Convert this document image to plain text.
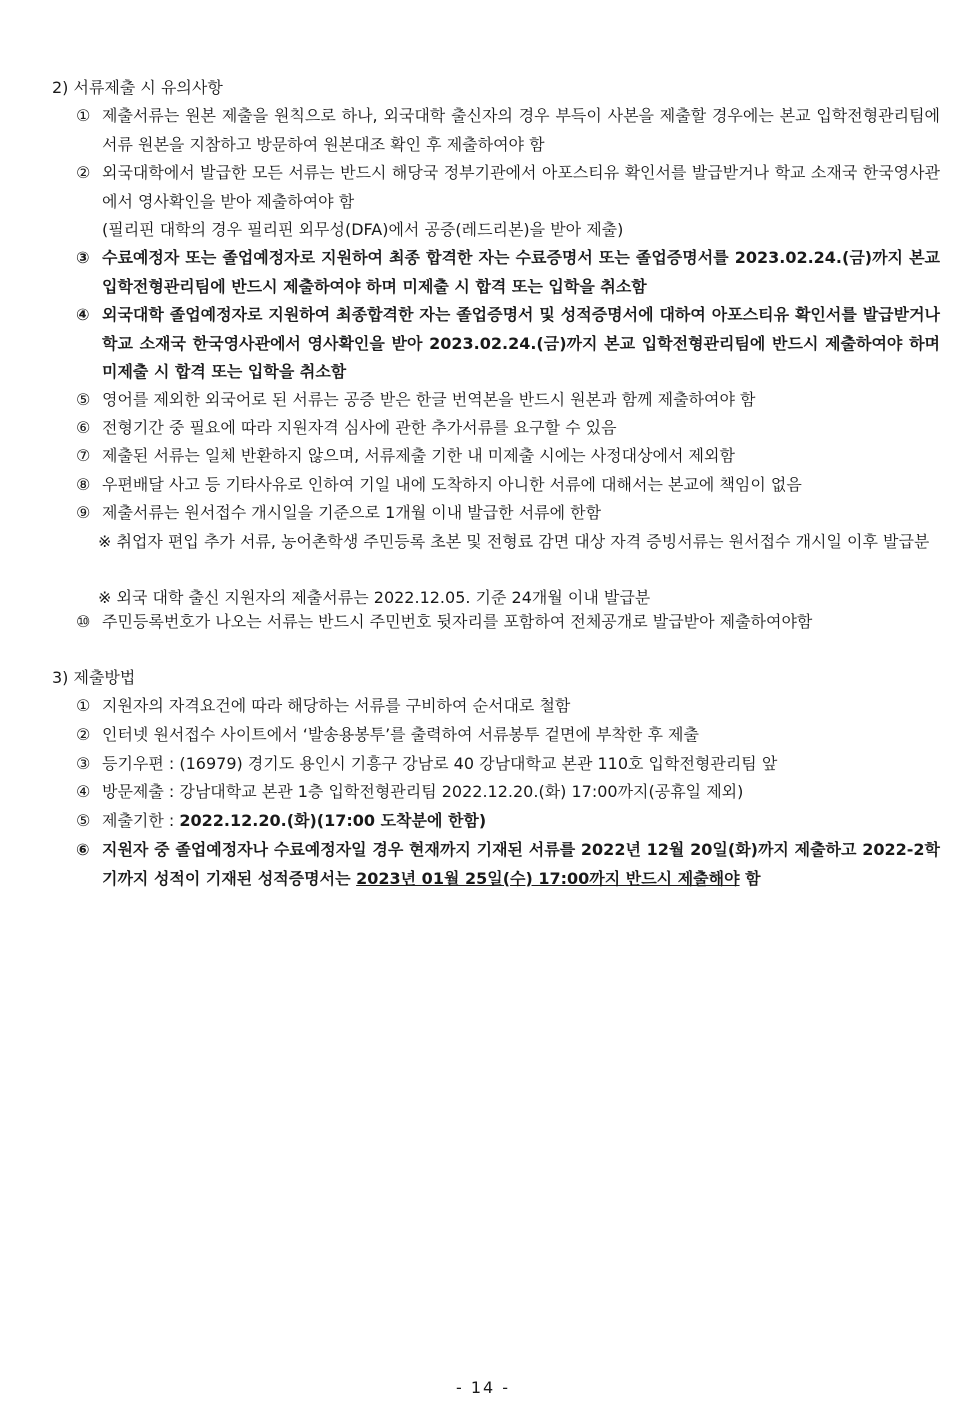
2) 서류제출 시 유의사항
① 제출서류는 원본 제출을 원칙으로 하나, 외국대학 출신자의 경우 부득이 사본을 제출할 경우에는 본교 입학전형관리팀에 서류 원본을 지참하고 방문하여 원본대조 확인 후 제출하여야 함
② 외국대학에서 발급한 모든 서류는 반드시 해당국 정부기관에서 아포스티유 확인서를 발급받거나 학교 소재국 한국영사관에서 영사확인을 받아 제출하여야 함
(필리핀 대학의 경우 필리핀 외무성(DFA)에서 공증(레드리본)을 받아 제출)
③ 수료예정자 또는 졸업예정자로 지원하여 최종 합격한 자는 수료증명서 또는 졸업증명서를 2023.02.24.(금)까지 본교 입학전형관리팀에 반드시 제출하여야 하며 미제출 시 합격 또는 입학을 취소함
④ 외국대학 졸업예정자로 지원하여 최종합격한 자는 졸업증명서 및 성적증명서에 대하여 아포스티유 확인서를 발급받거나 학교 소재국 한국영사관에서 영사확인을 받아 2023.02.24.(금)까지 본교 입학전형관리팀에 반드시 제출하여야 하며 미제출 시 합격 또는 입학을 취소함
⑤ 영어를 제외한 외국어로 된 서류는 공증 받은 한글 번역본을 반드시 원본과 함께 제출하여야 함
⑥ 전형기간 중 필요에 따라 지원자격 심사에 관한 추가서류를 요구할 수 있음
⑦ 제출된 서류는 일체 반환하지 않으며, 서류제출 기한 내 미제출 시에는 사정대상에서 제외함
⑧ 우편배달 사고 등 기타사유로 인하여 기일 내에 도착하지 아니한 서류에 대해서는 본교에 책임이 없음
⑨ 제출서류는 원서접수 개시일을 기준으로 1개월 이내 발급한 서류에 한함
※ 취업자 편입 추가 서류, 농어촌학생 주민등록 초본 및 전형료 감면 대상 자격 증빙서류는 원서접수 개시일 이후 발급분
※ 외국 대학 출신 지원자의 제출서류는 2022.12.05. 기준 24개월 이내 발급분
⑩ 주민등록번호가 나오는 서류는 반드시 주민번호 뒷자리를 포함하여 전체공개로 발급받아 제출하여야함
3) 제출방법
① 지원자의 자격요건에 따라 해당하는 서류를 구비하여 순서대로 철함
② 인터넷 원서접수 사이트에서 ‘발송용봉투’를 출력하여 서류봉투 겉면에 부착한 후 제출
③ 등기우편 : (16979) 경기도 용인시 기흥구 강남로 40 강남대학교 본관 110호 입학전형관리팀 앞
④ 방문제출 : 강남대학교 본관 1층 입학전형관리팀 2022.12.20.(화) 17:00까지(공휴일 제외)
⑤ 제출기한 : 2022.12.20.(화)(17:00 도착분에 한함)
⑥ 지원자 중 졸업예정자나 수료예정자일 경우 현재까지 기재된 서류를 2022년 12월 20일(화)까지 제출하고 2022-2학기까지 성적이 기재된 성적증명서는 2023년 01월 25일(수) 17:00까지 반드시 제출해야 함
- 14 -
